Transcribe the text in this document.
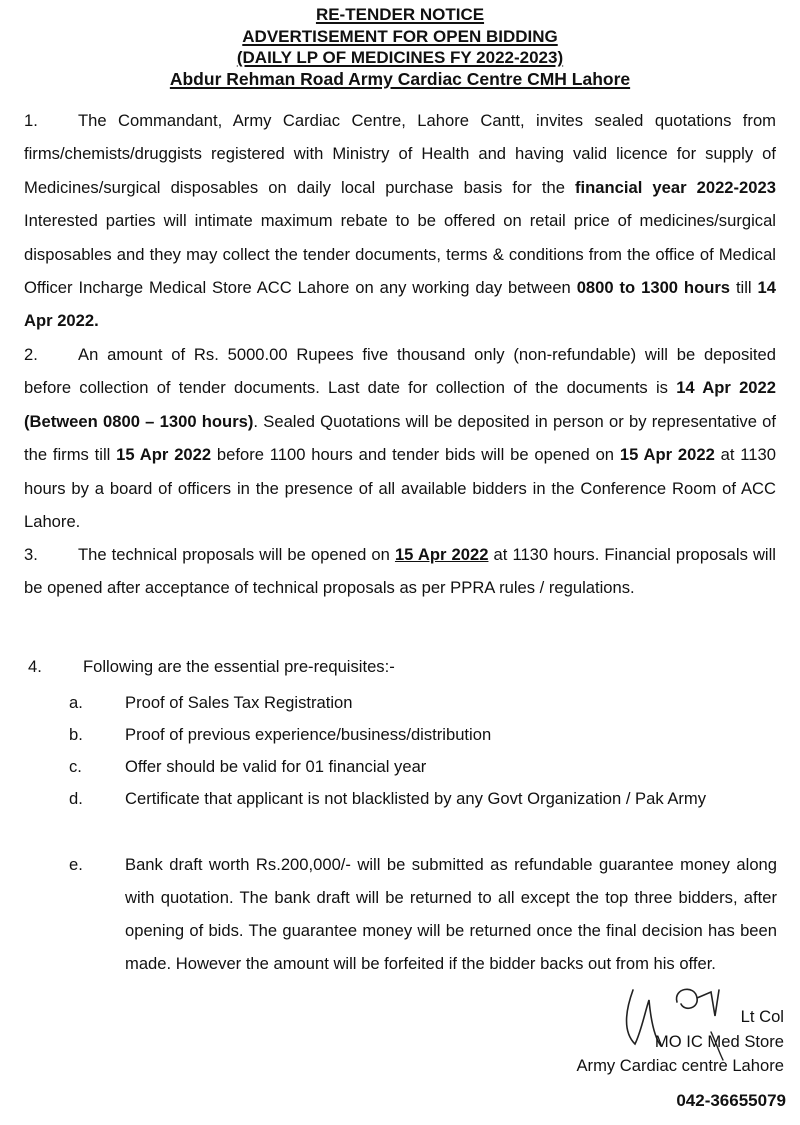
RE-TENDER NOTICE
ADVERTISEMENT FOR OPEN BIDDING
(DAILY LP OF MEDICINES FY 2022-2023)
Abdur Rehman Road Army Cardiac Centre CMH Lahore

1. The Commandant, Army Cardiac Centre, Lahore Cantt, invites sealed quotations from firms/chemists/druggists registered with Ministry of Health and having valid licence for supply of Medicines/surgical disposables on daily local purchase basis for the financial year 2022-2023 Interested parties will intimate maximum rebate to be offered on retail price of medicines/surgical disposables and they may collect the tender documents, terms & conditions from the office of Medical Officer Incharge Medical Store ACC Lahore on any working day between 0800 to 1300 hours till 14 Apr 2022.

2. An amount of Rs. 5000.00 Rupees five thousand only (non-refundable) will be deposited before collection of tender documents. Last date for collection of the documents is 14 Apr 2022 (Between 0800 – 1300 hours). Sealed Quotations will be deposited in person or by representative of the firms till 15 Apr 2022 before 1100 hours and tender bids will be opened on 15 Apr 2022 at 1130 hours by a board of officers in the presence of all available bidders in the Conference Room of ACC Lahore.

3. The technical proposals will be opened on 15 Apr 2022 at 1130 hours. Financial proposals will be opened after acceptance of technical proposals as per PPRA rules / regulations.

4. Following are the essential pre-requisites:-
a.	Proof of Sales Tax Registration
b.	Proof of previous experience/business/distribution
c.	Offer should be valid for 01 financial year
d.	Certificate that applicant is not blacklisted by any Govt Organization / Pak Army
e.	Bank draft worth Rs.200,000/- will be submitted as refundable guarantee money along with quotation. The bank draft will be returned to all except the top three bidders, after opening of bids. The guarantee money will be returned once the final decision has been made. However the amount will be forfeited if the bidder backs out from his offer.
Lt Col
MO IC Med Store
Army Cardiac centre Lahore
042-36655079
